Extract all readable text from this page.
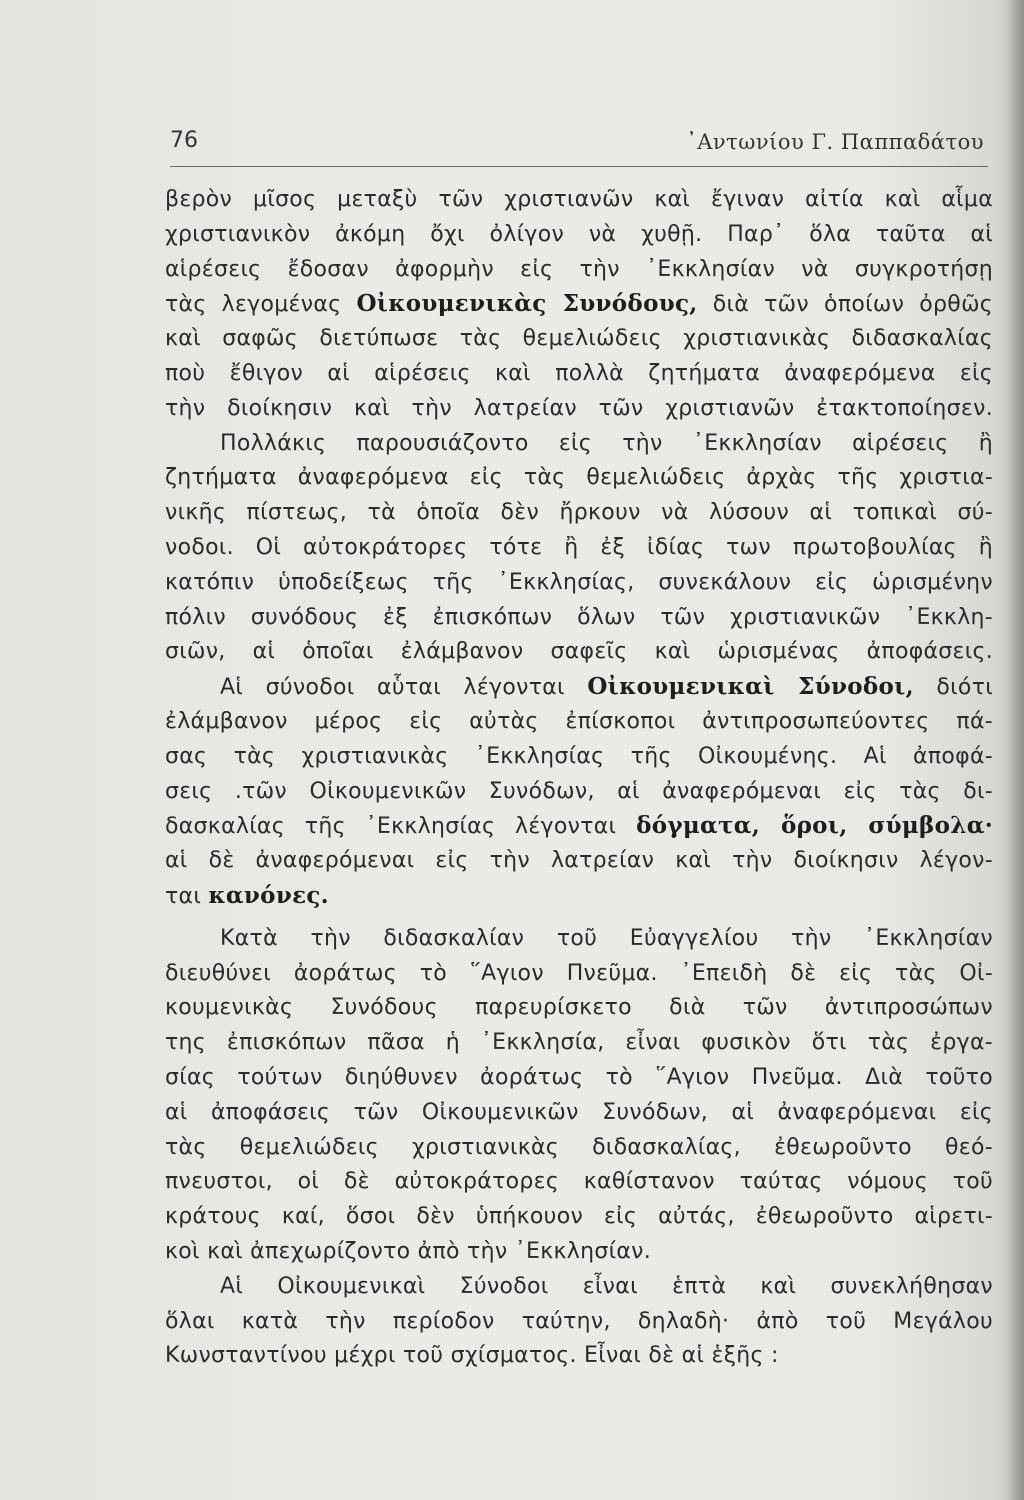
76	᾿Αντωνίου Γ. Παππαδάτου
βερὸν μῖσος μεταξὺ τῶν χριστιανῶν καὶ ἔγιναν αἰτία καὶ αἷμα
χριστιανικὸν ἀκόμη ὄχι ὀλίγον νὰ χυθῇ. Παρ᾿ ὅλα ταῦτα αἱ
αἱρέσεις ἔδοσαν ἀφορμὴν εἰς τὴν ᾿Εκκλησίαν νὰ συγκροτήσῃ
τὰς λεγομένας Οἰκουμενικὰς Συνόδους, διὰ τῶν ὁποίων ὀρθῶς
καὶ σαφῶς διετύπωσε τὰς θεμελιώδεις χριστιανικὰς διδασκαλίας
ποὺ ἔθιγον αἱ αἱρέσεις καὶ πολλὰ ζητήματα ἀναφερόμενα εἰς
τὴν διοίκησιν καὶ τὴν λατρείαν τῶν χριστιανῶν ἐτακτοποίησεν.
Πολλάκις παρουσιάζοντο εἰς τὴν ᾿Εκκλησίαν αἱρέσεις ἢ
ζητήματα ἀναφερόμενα εἰς τὰς θεμελιώδεις ἀρχὰς τῆς χριστια-
νικῆς πίστεως, τὰ ὁποῖα δὲν ἤρκουν νὰ λύσουν αἱ τοπικαὶ σύ-
νοδοι. Οἱ αὐτοκράτορες τότε ἢ ἐξ ἰδίας των πρωτοβουλίας ἢ
κατόπιν ὑποδείξεως τῆς ᾿Εκκλησίας, συνεκάλουν εἰς ὡρισμένην
πόλιν συνόδους ἐξ ἐπισκόπων ὅλων τῶν χριστιανικῶν ᾿Εκκλη-
σιῶν, αἱ ὁποῖαι ἐλάμβανον σαφεῖς καὶ ὡρισμένας ἀποφάσεις.
Αἱ σύνοδοι αὗται λέγονται Οἰκουμενικαὶ Σύνοδοι, διότι
ἐλάμβανον μέρος εἰς αὐτὰς ἐπίσκοποι ἀντιπροσωπεύοντες πά-
σας τὰς χριστιανικὰς ᾿Εκκλησίας τῆς Οἰκουμένης. Αἱ ἀποφά-
σεις .τῶν Οἰκουμενικῶν Συνόδων, αἱ ἀναφερόμεναι εἰς τὰς δι-
δασκαλίας τῆς ᾿Εκκλησίας λέγονται δόγματα, ὅροι, σύμβολα·
αἱ δὲ ἀναφερόμεναι εἰς τὴν λατρείαν καὶ τὴν διοίκησιν λέγον-
ται κανόνες.
Κατὰ τὴν διδασκαλίαν τοῦ Εὐαγγελίου τὴν ᾿Εκκλησίαν
διευθύνει ἀοράτως τὸ ῞Αγιον Πνεῦμα. ᾿Επειδὴ δὲ εἰς τὰς Οἰ-
κουμενικὰς Συνόδους παρευρίσκετο διὰ τῶν ἀντιπροσώπων
της ἐπισκόπων πᾶσα ἡ ᾿Εκκλησία, εἶναι φυσικὸν ὅτι τὰς ἐργα-
σίας τούτων διηύθυνεν ἀοράτως τὸ ῞Αγιον Πνεῦμα. Διὰ τοῦτο
αἱ ἀποφάσεις τῶν Οἰκουμενικῶν Συνόδων, αἱ ἀναφερόμεναι εἰς
τὰς θεμελιώδεις χριστιανικὰς διδασκαλίας, ἐθεωροῦντο θεό-
πνευστοι, οἱ δὲ αὐτοκράτορες καθίστανον ταύτας νόμους τοῦ
κράτους καί, ὅσοι δὲν ὑπήκουον εἰς αὐτάς, ἐθεωροῦντο αἱρετι-
κοὶ καὶ ἀπεχωρίζοντο ἀπὸ τὴν ᾿Εκκλησίαν.
Αἱ Οἰκουμενικαὶ Σύνοδοι εἶναι ἑπτὰ καὶ συνεκλήθησαν
ὅλαι κατὰ τὴν περίοδον ταύτην, δηλαδὴ· ἀπὸ τοῦ Μεγάλου
Κωνσταντίνου μέχρι τοῦ σχίσματος. Εἶναι δὲ αἱ ἑξῆς :
